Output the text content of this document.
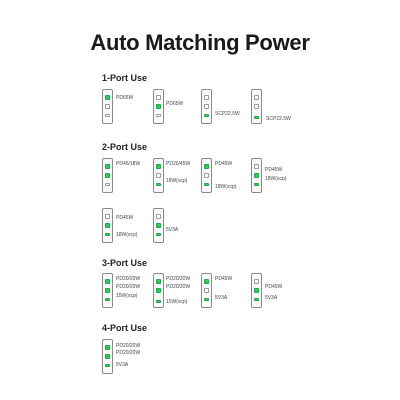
Auto Matching Power
1-Port Use
PD65W
PD65W
SCP22.5W
SCP22.5W
2-Port Use
PD45/18W	PD20/45W
18W(scp)
PD45W
18W(scp)
PD45W
18W(scp)
PD45W
18W(scp)
5V3A
3-Port Use
PD20/20W
PD20/20W
15W(scp)
PD20/20W
PD20/20W
15W(scp)
PD45W
5V3A
PD45W
5V3A
4-Port Use
PD20/20W
PD20/20W
5V3A
